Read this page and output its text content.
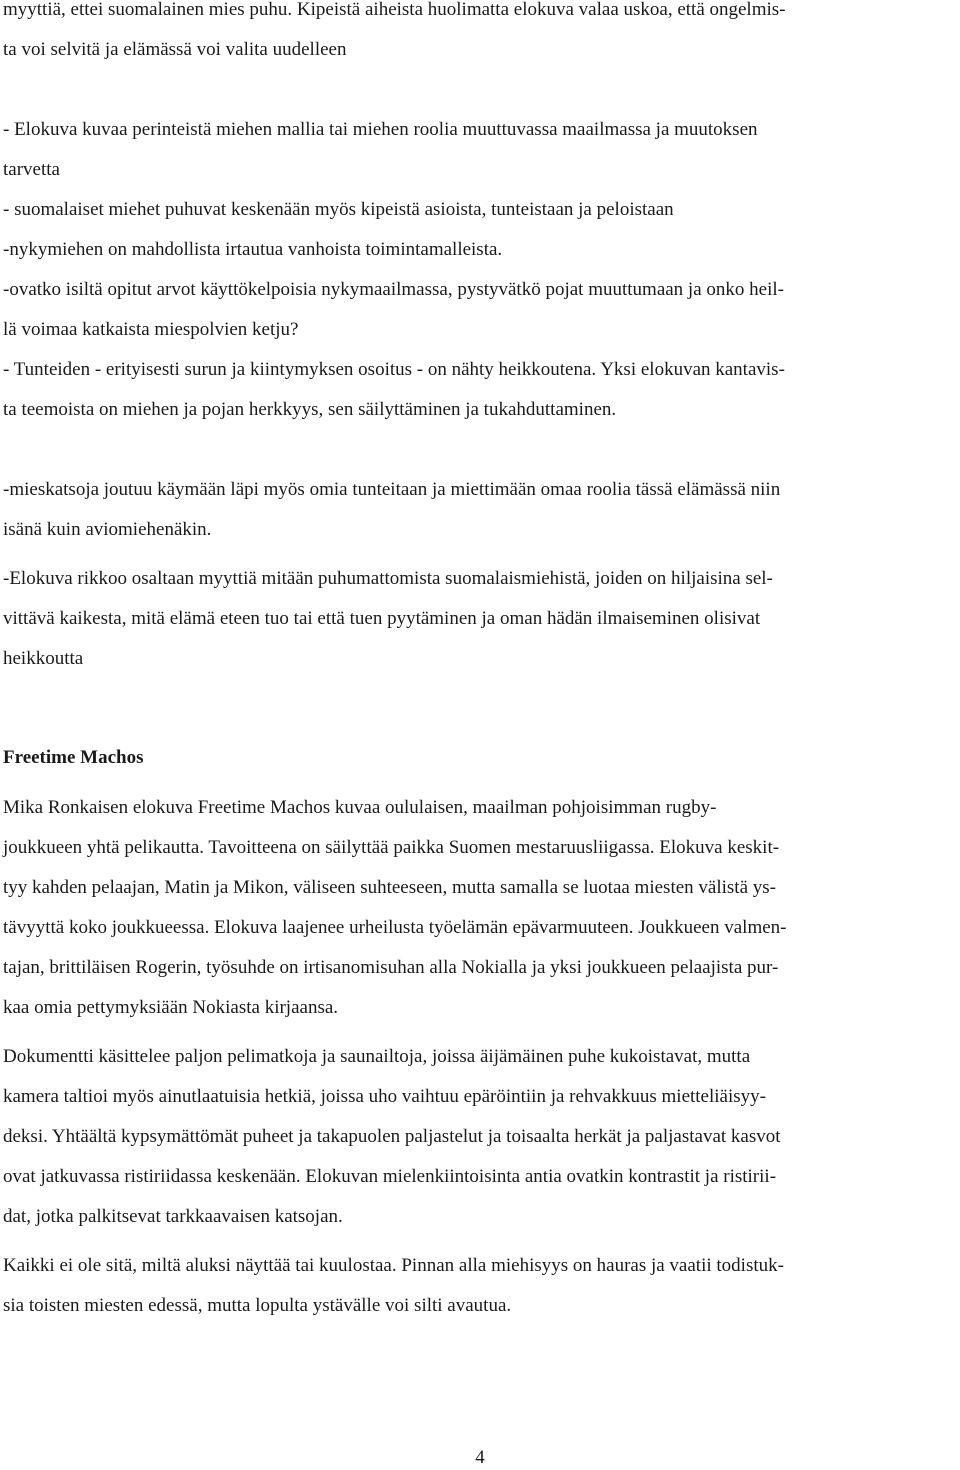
myyttiä, ettei suomalainen mies puhu. Kipeistä aiheista huolimatta elokuva valaa uskoa, että ongelmis-
ta voi selvitä ja elämässä voi valita uudelleen
- Elokuva kuvaa perinteistä miehen mallia tai miehen roolia muuttuvassa maailmassa ja muutoksen
tarvetta
- suomalaiset miehet puhuvat keskenään myös kipeistä asioista, tunteistaan ja peloistaan
-nykymiehen on mahdollista irtautua vanhoista toimintamalleista.
-ovatko isiltä opitut arvot käyttökelpoisia nykymaailmassa, pystyvätkö pojat muuttumaan ja onko heil-
lä voimaa katkaista miespolvien ketju?
- Tunteiden - erityisesti surun ja kiintymyksen osoitus - on nähty heikkoutena. Yksi elokuvan kantavis-
ta teemoista on miehen ja pojan herkkyys, sen säilyttäminen ja tukahduttaminen.
-mieskatsoja joutuu käymään läpi myös omia tunteitaan ja miettimään omaa roolia tässä elämässä niin
isänä kuin aviomiehenäkin.
-Elokuva rikkoo osaltaan myyttiä mitään puhumattomista suomalaismiehistä, joiden on hiljaisina sel-
vittävä kaikesta, mitä elämä eteen tuo tai että tuen pyytäminen ja oman hädän ilmaiseminen olisivat
heikkoutta
Freetime Machos
Mika Ronkaisen elokuva Freetime Machos kuvaa oululaisen, maailman pohjoisimman rugby-
joukkueen yhtä pelikautta. Tavoitteena on säilyttää paikka Suomen mestaruusliigassa. Elokuva keskit-
tyy kahden pelaajan, Matin ja Mikon, väliseen suhteeseen, mutta samalla se luotaa miesten välistä ys-
tävyyttä koko joukkueessa. Elokuva laajenee urheilusta työelämän epävarmuuteen. Joukkueen valmen-
tajan, brittiläisen Rogerin, työsuhde on irtisanomisuhan alla Nokialla ja yksi joukkueen pelaajista pur-
kaa omia pettymyksiään Nokiasta kirjaansa.
Dokumentti käsittelee paljon pelimatkoja ja saunailtoja, joissa äijämäinen puhe kukoistavat, mutta
kamera taltioi myös ainutlaatuisia hetkiä, joissa uho vaihtuu epäröintiin ja rehvakkuus mietteliäisyy-
deksi. Yhtäältä kypsymättömät puheet ja takapuolen paljastelut ja toisaalta herkät ja paljastavat kasvot
ovat jatkuvassa ristiriidassa keskenään. Elokuvan mielenkiintoisinta antia ovatkin kontrastit ja ristirii-
dat, jotka palkitsevat tarkkaavaisen katsojan.
Kaikki ei ole sitä, miltä aluksi näyttää tai kuulostaa. Pinnan alla miehisyys on hauras ja vaatii todistuk-
sia toisten miesten edessä, mutta lopulta ystävälle voi silti avautua.
4
